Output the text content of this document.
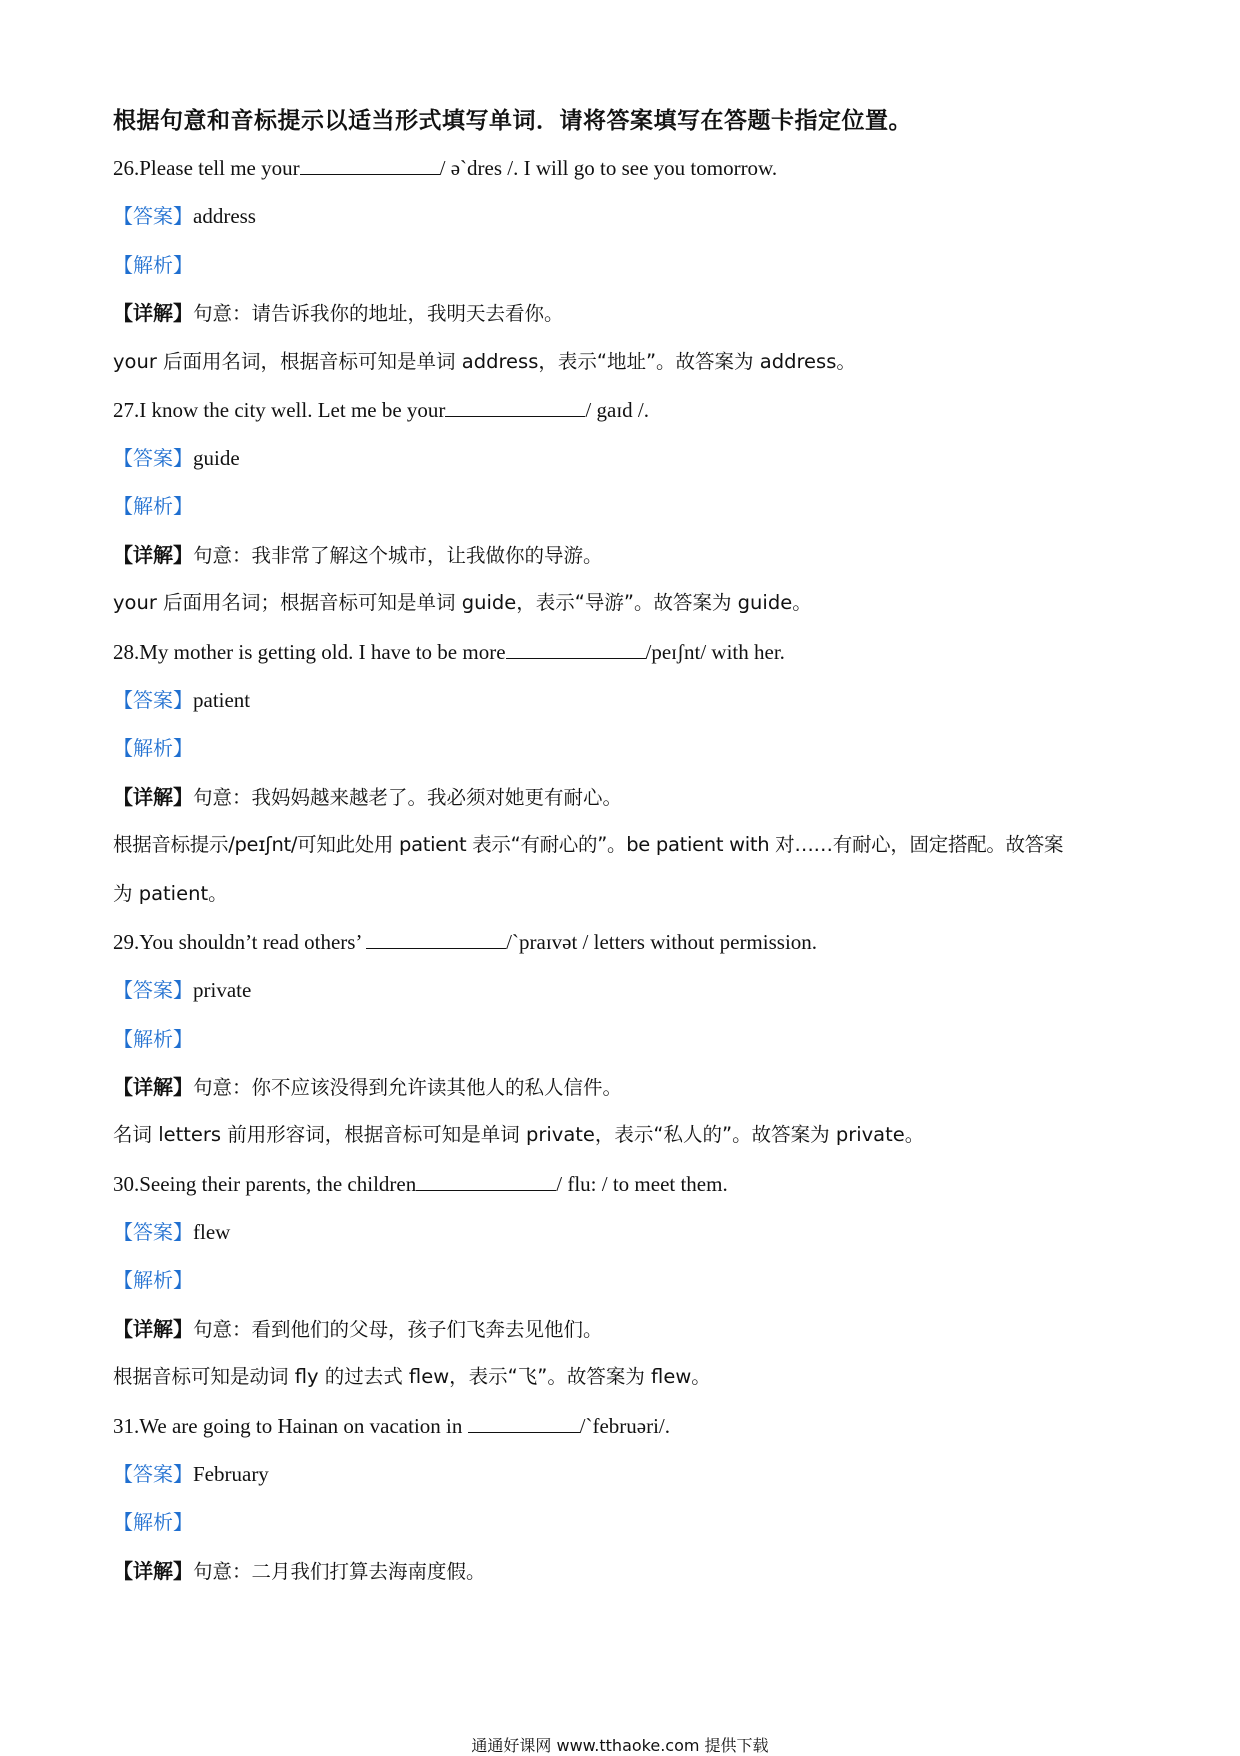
根据句意和音标提示以适当形式填写单词．请将答案填写在答题卡指定位置。
26.Please tell me your	/ ə`dres /. I will go to see you tomorrow.
【答案】address
【解析】
【详解】句意：请告诉我你的地址，我明天去看你。
your 后面用名词，根据音标可知是单词 address，表示“地址”。故答案为 address。
27.I know the city well. Let me be your	/ gaɪd /.
【答案】guide
【解析】
【详解】句意：我非常了解这个城市，让我做你的导游。
your 后面用名词；根据音标可知是单词 guide，表示“导游”。故答案为 guide。
28.My mother is getting old. I have to be more	/peɪʃnt/ with her.
【答案】patient
【解析】
【详解】句意：我妈妈越来越老了。我必须对她更有耐心。
根据音标提示/peɪʃnt/可知此处用 patient 表示“有耐心的”。be patient with 对……有耐心，固定搭配。故答案
为 patient。
29.You shouldn’t read others’	/`praɪvət / letters without permission.
【答案】private
【解析】
【详解】句意：你不应该没得到允许读其他人的私人信件。
名词 letters 前用形容词，根据音标可知是单词 private，表示“私人的”。故答案为 private。
30.Seeing their parents, the children	/ flu: / to meet them.
【答案】flew
【解析】
【详解】句意：看到他们的父母，孩子们飞奔去见他们。
根据音标可知是动词 fly 的过去式 flew，表示“飞”。故答案为 flew。
31.We are going to Hainan on vacation in	/`februəri/.
【答案】February
【解析】
【详解】句意：二月我们打算去海南度假。
通通好课网 www.tthaoke.com 提供下载
